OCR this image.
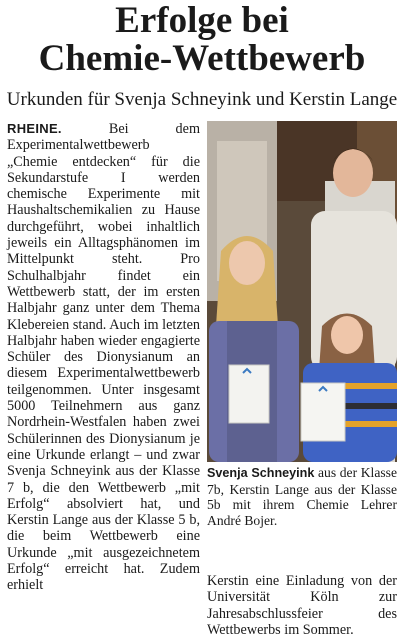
Erfolge bei
Chemie-Wettbewerb

Urkunden für Svenja Schneyink und Kerstin Lange

RHEINE. Bei dem Experimentalwettbewerb „Chemie entdecken“ für die Sekundarstufe I werden chemische Experimente mit Haushaltschemikalien zu Hause durchgeführt, wobei inhaltlich jeweils ein Alltagsphänomen im Mittelpunkt steht. Pro Schulhalbjahr findet ein Wettbewerb statt, der im ersten Halbjahr ganz unter dem Thema Klebereien stand. Auch im letzten Halbjahr haben wieder engagierte Schüler des Dionysianum an diesem Experimentalwettbewerb teilgenommen. Unter insgesamt 5000 Teilnehmern aus ganz Nordrhein-Westfalen haben zwei Schülerinnen des Dionysianum je eine Urkunde erlangt – und zwar Svenja Schneyink aus der Klasse 7 b, die den Wettbewerb „mit Erfolg“ absolviert hat, und Kerstin Lange aus der Klasse 5 b, die beim Wettbewerb eine Urkunde „mit ausgezeichnetem Erfolg“ erreicht hat. Zudem erhielt
Svenja Schneyink aus der Klasse 7b, Kerstin Lange aus der Klasse 5b mit ihrem Chemie Lehrer André Bojer.
Kerstin eine Einladung von der Universität Köln zur Jahresabschlussfeier des Wettbewerbs im Sommer.
